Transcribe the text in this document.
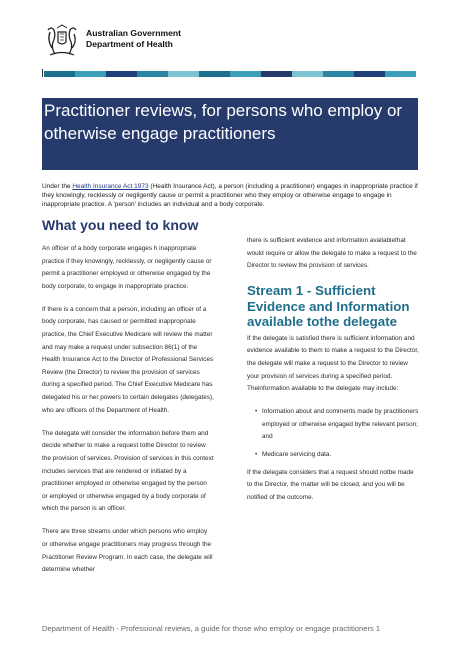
Australian Government
Department of Health
Practitioner reviews, for persons who employ or otherwise engage practitioners
Under the Health Insurance Act 1973 (Health Insurance Act), a person (including a practitioner) engages in inappropriate practice if they knowingly, recklessly or negligently cause or permit a practitioner who they employ or otherwise engage to engage in inappropriate practice. A 'person' includes an individual and a body corporate.
What you need to know

An officer of a body corporate engages h inappropriate practice if they knowingly, recklessly, or negligently cause or permit a practitioner employed or otherwise engaged by the body corporate, to engage in inappropriate practice.

If there is a concern that a person, including an officer of a body corporate, has caused or permitted inappropriate practice, the Chief Executive Medicare will review the matter and may make a request under subsection 86(1) of the Health Insurance Act to the Director of Professional Services Review (the Director) to review the provision of services during a specified period. The Chief Executive Medicare has delegated his or her powers to certain delegates (delegates), who are officers of the Department of Health.

The delegate will consider the information before them and decide whether to make a request tothe Director to review the provision of services. Provision of services in this context includes services that are rendered or initiated by a practitioner employed or otherwise engaged by the person or employed or otherwise engaged by a body corporate of which the person is an officer.

There are three streams under which persons who employ or otherwise engage practitioners may progress through the Practitioner Review Program. In each case, the delegate will determine whether

there is sufficient evidence and information availablethat would require or allow the delegate to make a request to the Director to review the provision of services.

Stream 1 - Sufficient Evidence and Information available tothe delegate

If the delegate is satisfied there is sufficient information and evidence available to them to make a request to the Director, the delegate will make a request to the Director to review your provision of services during a specified period. Theinformation available to the delegate may include:

• Information about and comments made by practitioners employed or otherwise engaged bythe relevant person; and
• Medicare servicing data.

If the delegate considers that a request should notbe made to the Director, the matter will be closed, and you will be notified of the outcome.

Department of Health - Professional reviews, a guide for those who employ or engage practitioners 1
